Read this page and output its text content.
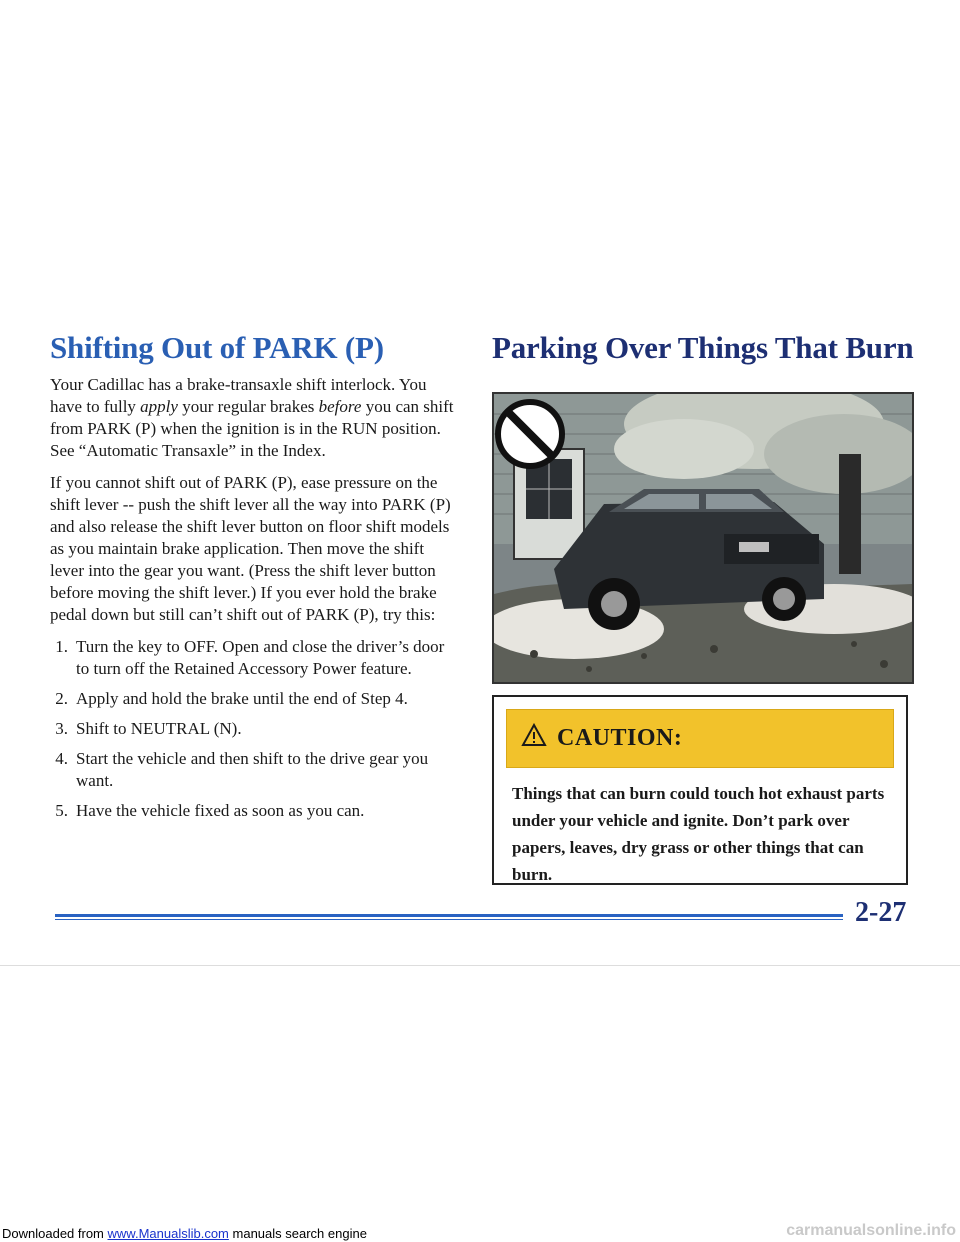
Shifting Out of PARK (P)

Your Cadillac has a brake-transaxle shift interlock. You have to fully apply your regular brakes before you can shift from PARK (P) when the ignition is in the RUN position. See “Automatic Transaxle” in the Index.

If you cannot shift out of PARK (P), ease pressure on the shift lever -- push the shift lever all the way into PARK (P) and also release the shift lever button on floor shift models as you maintain brake application. Then move the shift lever into the gear you want. (Press the shift lever button before moving the shift lever.) If you ever hold the brake pedal down but still can’t shift out of PARK (P), try this:

1. Turn the key to OFF. Open and close the driver’s door to turn off the Retained Accessory Power feature.
2. Apply and hold the brake until the end of Step 4.
3. Shift to NEUTRAL (N).
4. Start the vehicle and then shift to the drive gear you want.
5. Have the vehicle fixed as soon as you can.
Parking Over Things That Burn
CAUTION:
Things that can burn could touch hot exhaust parts under your vehicle and ignite. Don’t park over papers, leaves, dry grass or other things that can burn.
2-27
Downloaded from www.Manualslib.com manuals search engine	carmanualsonline.info
